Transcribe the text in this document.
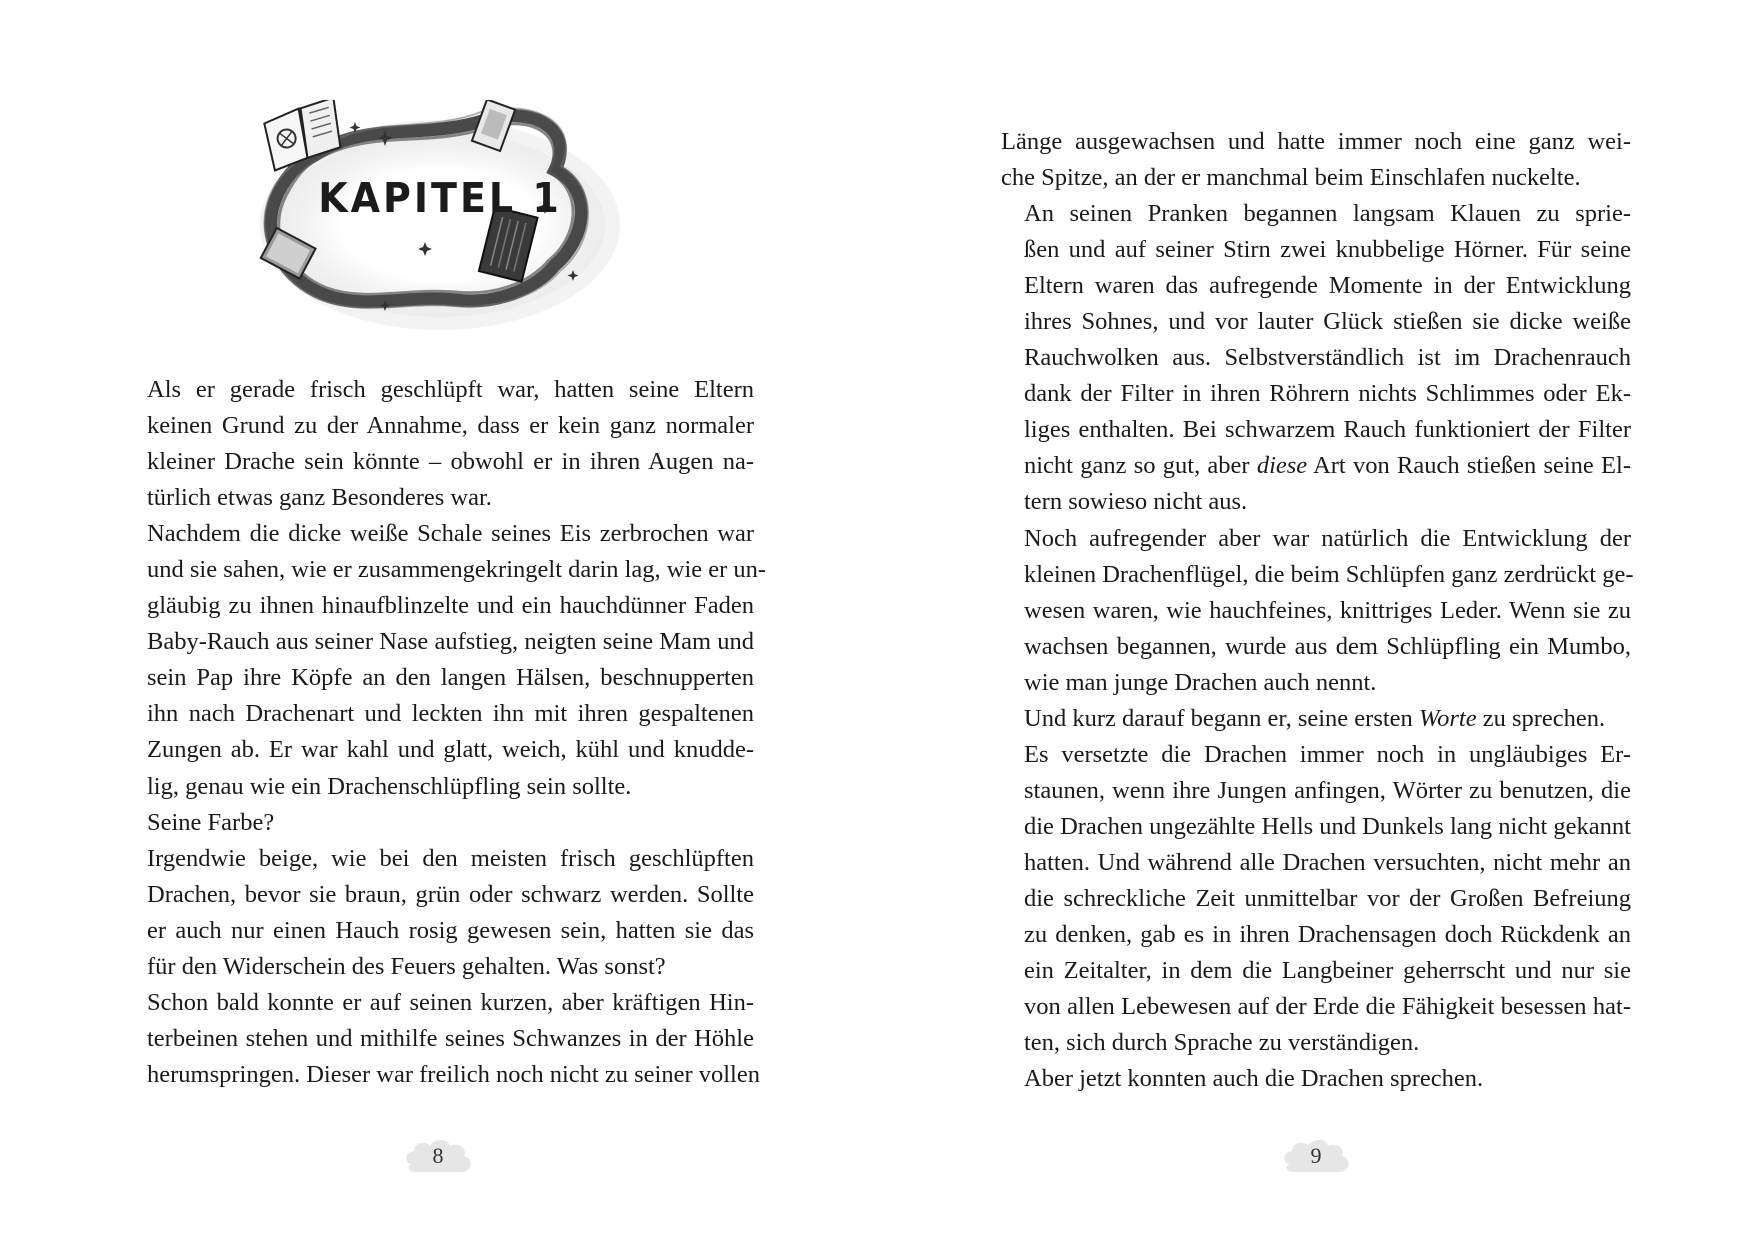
KAPITEL 1

Als er gerade frisch geschlüpft war, hatten seine Eltern
keinen Grund zu der Annahme, dass er kein ganz normaler
kleiner Drache sein könnte – obwohl er in ihren Augen na-
türlich etwas ganz Besonderes war.

Nachdem die dicke weiße Schale seines Eis zerbrochen war
und sie sahen, wie er zusammengekringelt darin lag, wie er un-
gläubig zu ihnen hinaufblinzelte und ein hauchdünner Faden
Baby-Rauch aus seiner Nase aufstieg, neigten seine Mam und
sein Pap ihre Köpfe an den langen Hälsen, beschnupperten
ihn nach Drachenart und leckten ihn mit ihren gespaltenen
Zungen ab. Er war kahl und glatt, weich, kühl und knudde-
lig, genau wie ein Drachenschlüpfling sein sollte.

Seine Farbe?

Irgendwie beige, wie bei den meisten frisch geschlüpften
Drachen, bevor sie braun, grün oder schwarz werden. Sollte
er auch nur einen Hauch rosig gewesen sein, hatten sie das
für den Widerschein des Feuers gehalten. Was sonst?

Schon bald konnte er auf seinen kurzen, aber kräftigen Hin-
terbeinen stehen und mithilfe seines Schwanzes in der Höhle
herumspringen. Dieser war freilich noch nicht zu seiner vollen

8

Länge ausgewachsen und hatte immer noch eine ganz wei-
che Spitze, an der er manchmal beim Einschlafen nuckelte.

An seinen Pranken begannen langsam Klauen zu sprie-
ßen und auf seiner Stirn zwei knubbelige Hörner. Für seine
Eltern waren das aufregende Momente in der Entwicklung
ihres Sohnes, und vor lauter Glück stießen sie dicke weiße
Rauchwolken aus. Selbstverständlich ist im Drachenrauch
dank der Filter in ihren Röhrern nichts Schlimmes oder Ek-
liges enthalten. Bei schwarzem Rauch funktioniert der Filter
nicht ganz so gut, aber diese Art von Rauch stießen seine El-
tern sowieso nicht aus.

Noch aufregender aber war natürlich die Entwicklung der
kleinen Drachenflügel, die beim Schlüpfen ganz zerdrückt ge-
wesen waren, wie hauchfeines, knittriges Leder. Wenn sie zu
wachsen begannen, wurde aus dem Schlüpfling ein Mumbo,
wie man junge Drachen auch nennt.

Und kurz darauf begann er, seine ersten Worte zu sprechen.

Es versetzte die Drachen immer noch in ungläubiges Er-
staunen, wenn ihre Jungen anfingen, Wörter zu benutzen, die
die Drachen ungezählte Hells und Dunkels lang nicht gekannt
hatten. Und während alle Drachen versuchten, nicht mehr an
die schreckliche Zeit unmittelbar vor der Großen Befreiung
zu denken, gab es in ihren Drachensagen doch Rückdenk an
ein Zeitalter, in dem die Langbeiner geherrscht und nur sie
von allen Lebewesen auf der Erde die Fähigkeit besessen hat-
ten, sich durch Sprache zu verständigen.

Aber jetzt konnten auch die Drachen sprechen.

9
